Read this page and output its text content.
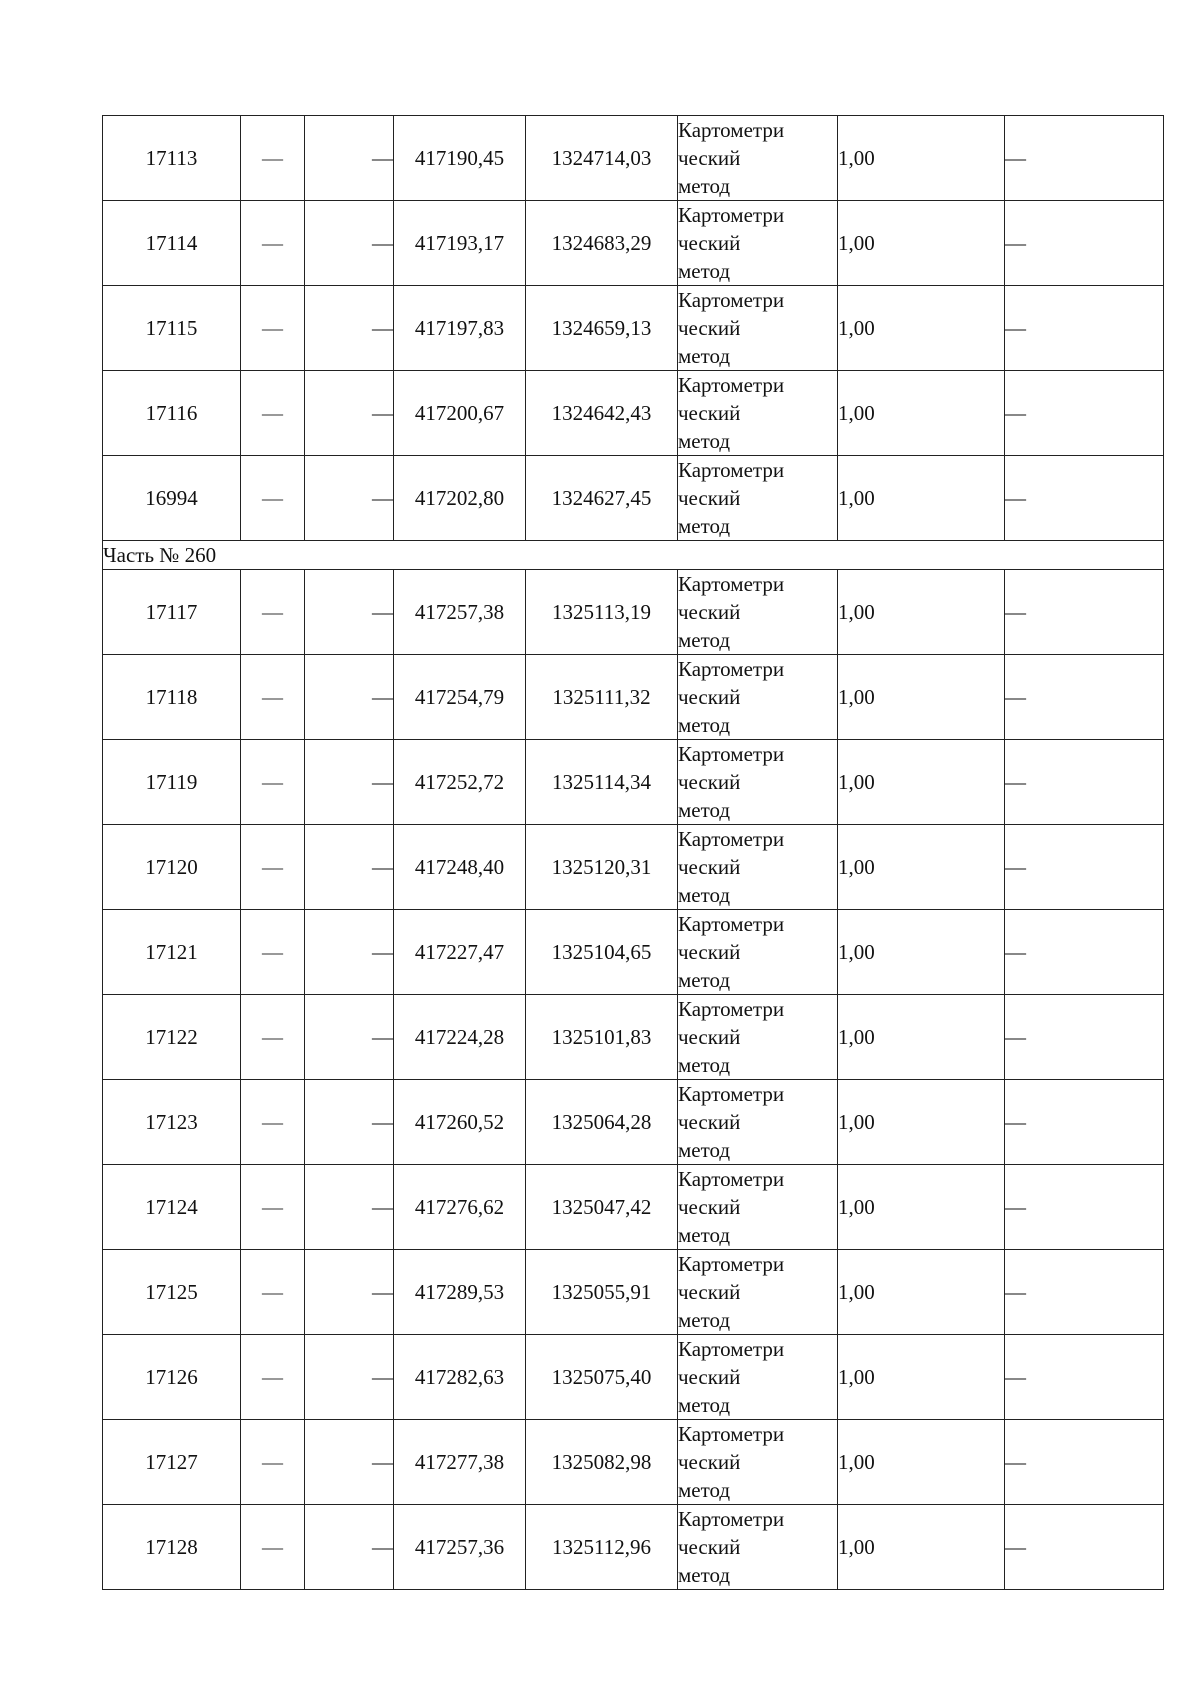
17113	—	—	417190,45	1324714,03	Картометри
ческий
метод	1,00	—
17114	—	—	417193,17	1324683,29	Картометри
ческий
метод	1,00	—
17115	—	—	417197,83	1324659,13	Картометри
ческий
метод	1,00	—
17116	—	—	417200,67	1324642,43	Картометри
ческий
метод	1,00	—
16994	—	—	417202,80	1324627,45	Картометри
ческий
метод	1,00	—
Часть № 260							
17117	—	—	417257,38	1325113,19	Картометри
ческий
метод	1,00	—
17118	—	—	417254,79	1325111,32	Картометри
ческий
метод	1,00	—
17119	—	—	417252,72	1325114,34	Картометри
ческий
метод	1,00	—
17120	—	—	417248,40	1325120,31	Картометри
ческий
метод	1,00	—
17121	—	—	417227,47	1325104,65	Картометри
ческий
метод	1,00	—
17122	—	—	417224,28	1325101,83	Картометри
ческий
метод	1,00	—
17123	—	—	417260,52	1325064,28	Картометри
ческий
метод	1,00	—
17124	—	—	417276,62	1325047,42	Картометри
ческий
метод	1,00	—
17125	—	—	417289,53	1325055,91	Картометри
ческий
метод	1,00	—
17126	—	—	417282,63	1325075,40	Картометри
ческий
метод	1,00	—
17127	—	—	417277,38	1325082,98	Картометри
ческий
метод	1,00	—
17128	—	—	417257,36	1325112,96	Картометри
ческий
метод	1,00	—
